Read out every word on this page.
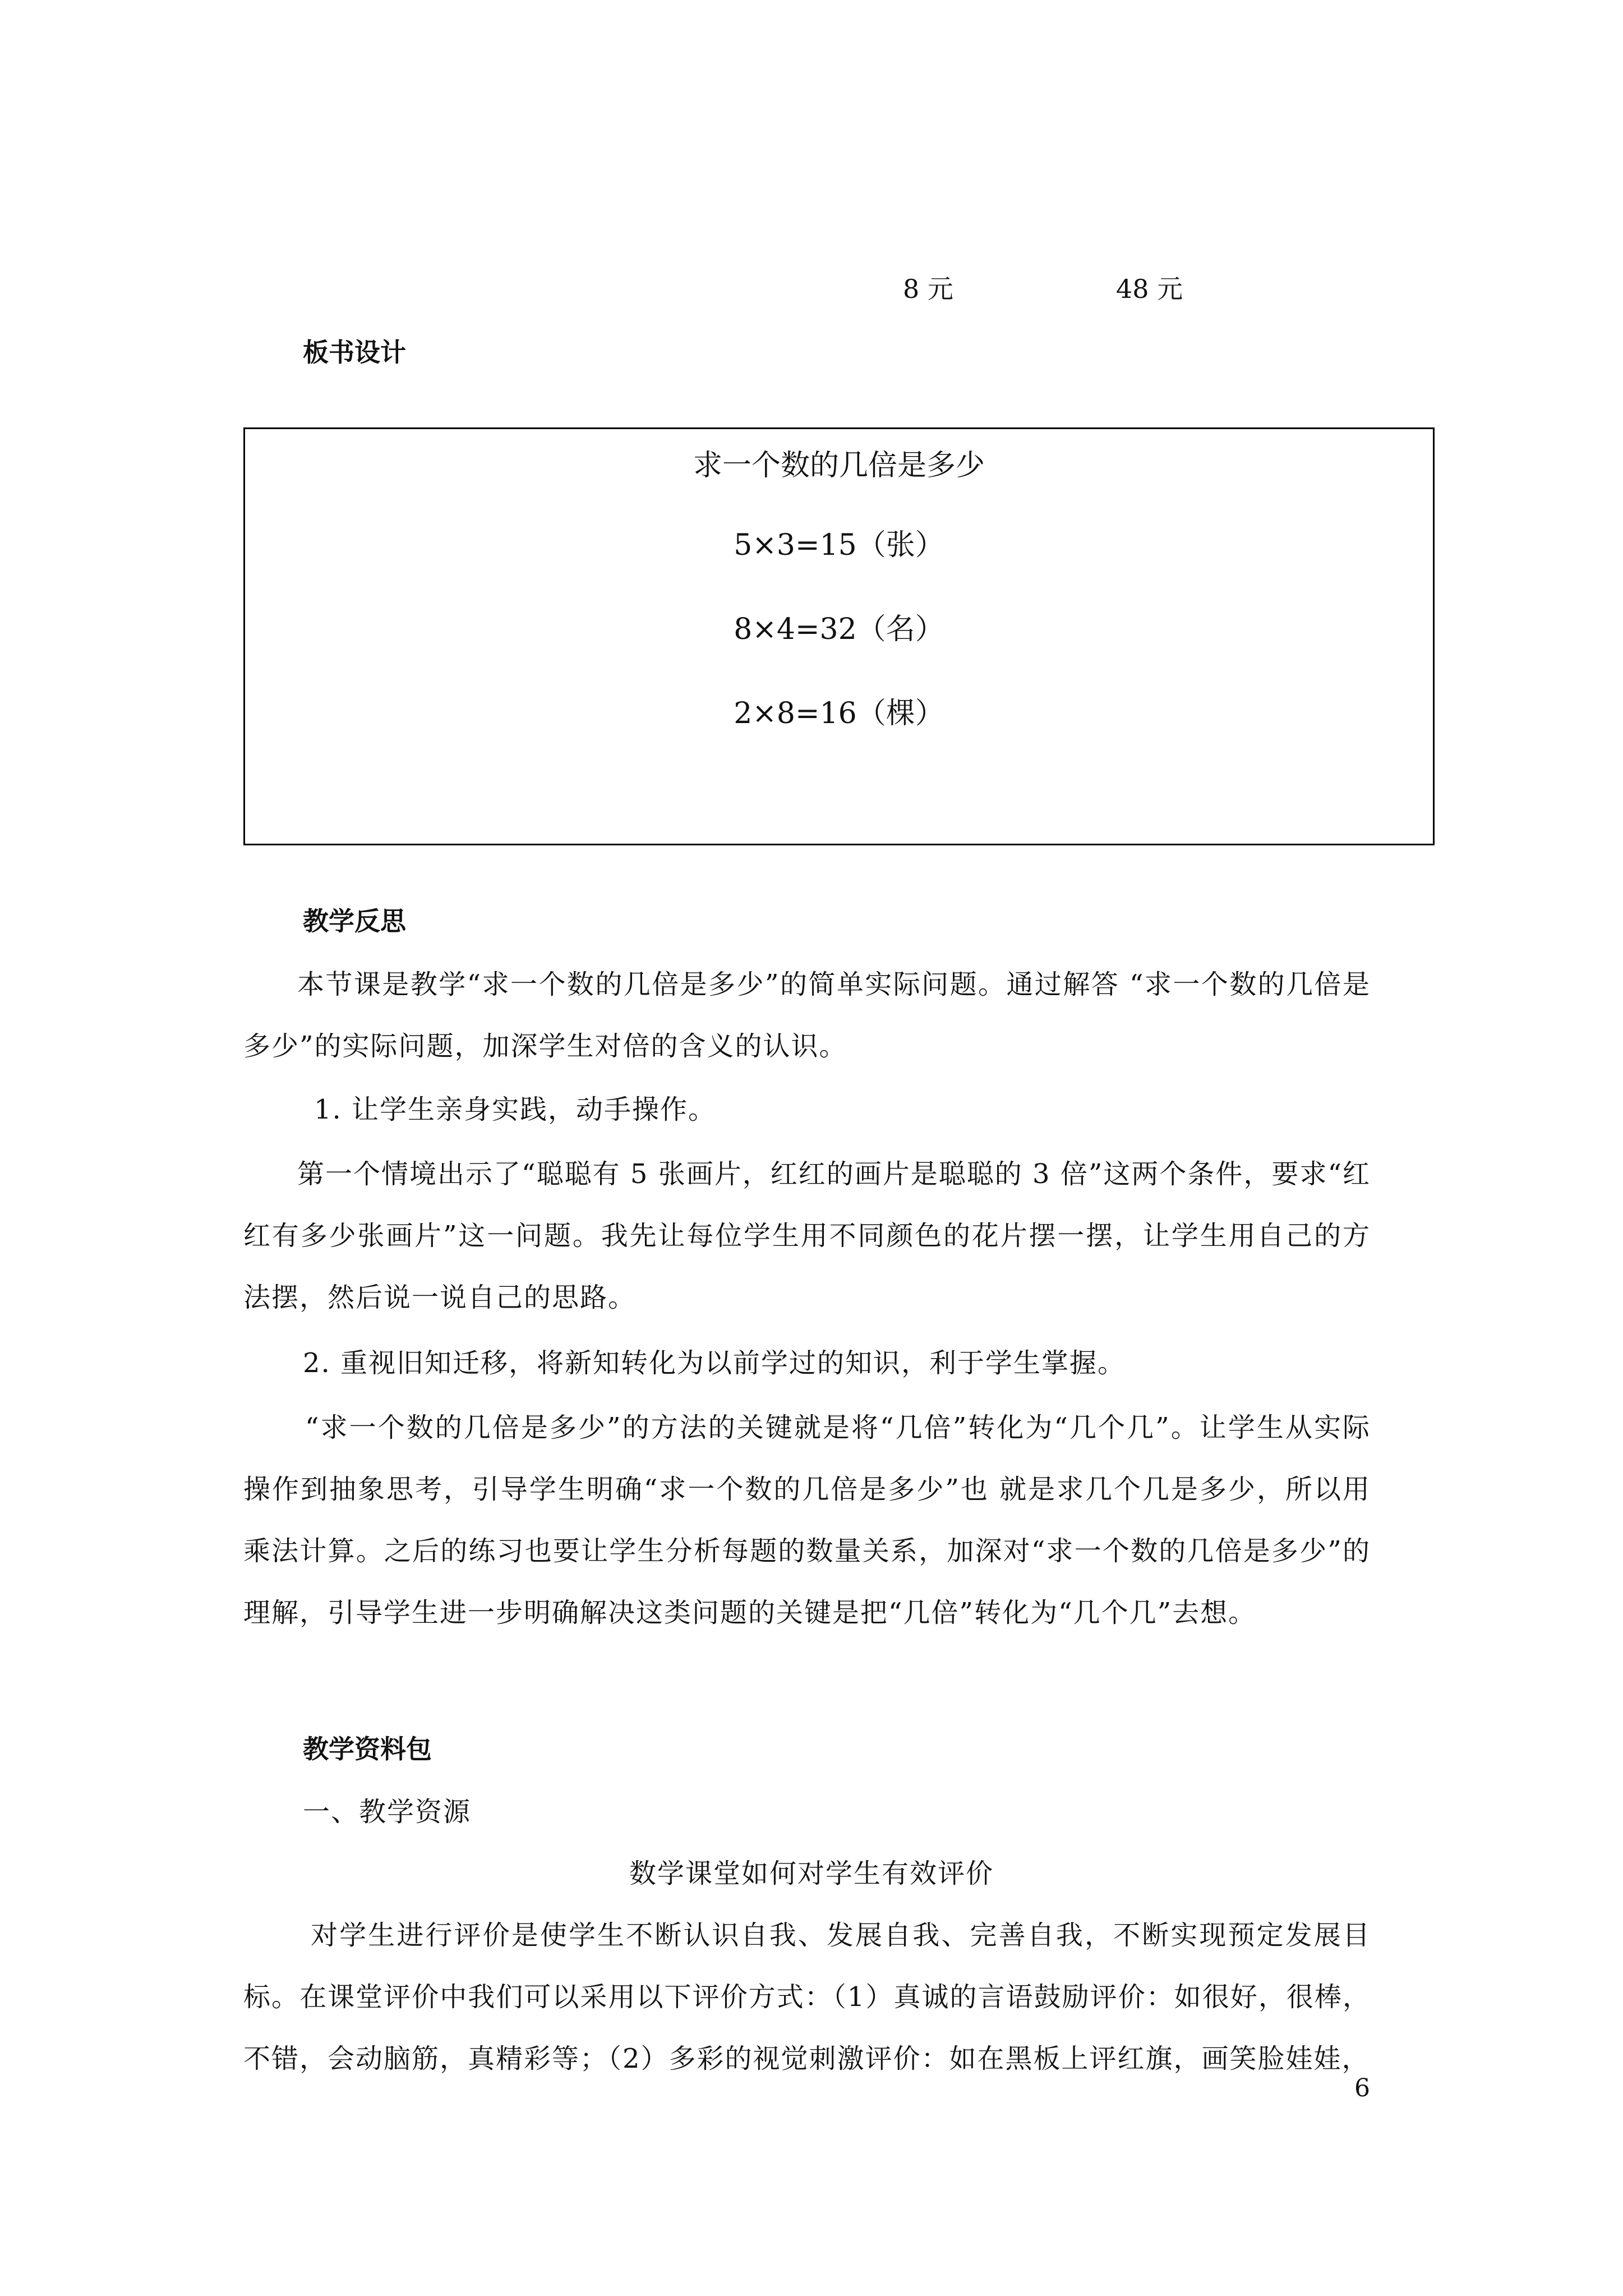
8 元	48 元
板书设计
求一个数的几倍是多少
5×3=15（张）
8×4=32（名）
2×8=16（棵）
教学反思
本节课是教学“求一个数的几倍是多少”的简单实际问题。通过解答 “求一个数的几倍是多少”的实际问题，加深学生对倍的含义的认识。
1. 让学生亲身实践，动手操作。
第一个情境出示了“聪聪有 5 张画片，红红的画片是聪聪的 3 倍”这两个条件，要求“红红有多少张画片”这一问题。我先让每位学生用不同颜色的花片摆一摆，让学生用自己的方法摆，然后说一说自己的思路。
2. 重视旧知迁移，将新知转化为以前学过的知识，利于学生掌握。
“求一个数的几倍是多少”的方法的关键就是将“几倍”转化为“几个几”。让学生从实际操作到抽象思考，引导学生明确“求一个数的几倍是多少”也 就是求几个几是多少，所以用乘法计算。之后的练习也要让学生分析每题的数量关系，加深对“求一个数的几倍是多少”的理解，引导学生进一步明确解决这类问题的关键是把“几倍”转化为“几个几”去想。
教学资料包
一、教学资源
数学课堂如何对学生有效评价
对学生进行评价是使学生不断认识自我、发展自我、完善自我，不断实现预定发展目标。在课堂评价中我们可以采用以下评价方式：（1）真诚的言语鼓励评价：如很好，很棒，不错，会动脑筋，真精彩等；（2）多彩的视觉刺激评价：如在黑板上评红旗，画笑脸娃娃，
6
